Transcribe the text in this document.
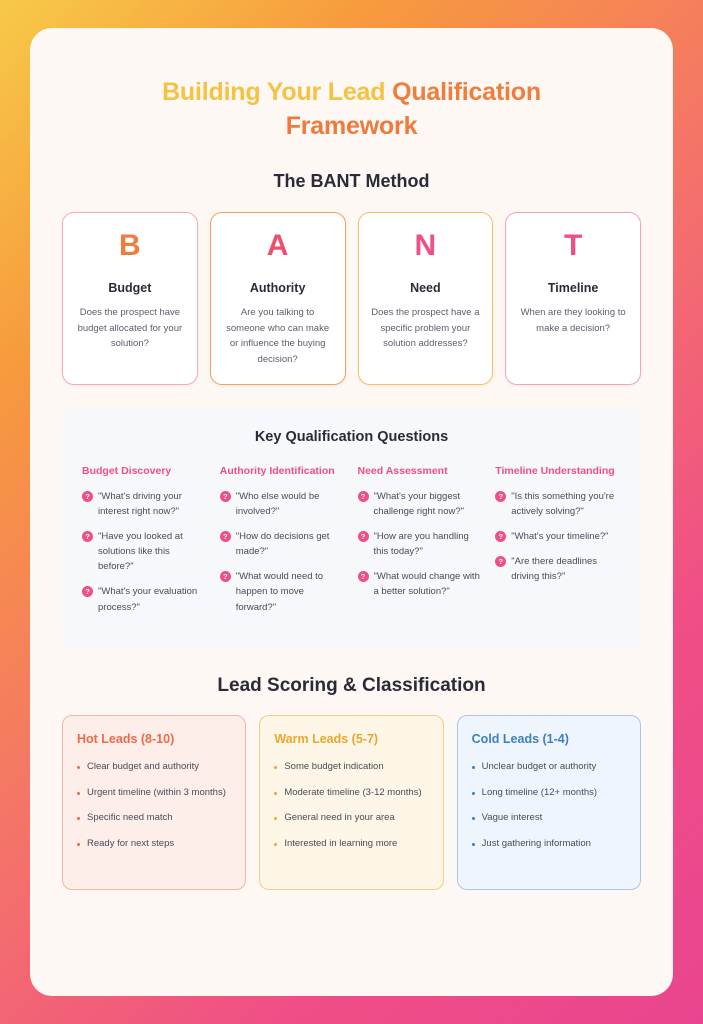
Building Your Lead Qualification
Framework
The BANT Method
B
Budget
Does the prospect have budget allocated for your solution?
A
Authority
Are you talking to someone who can make or influence the buying decision?
N
Need
Does the prospect have a specific problem your solution addresses?
T
Timeline
When are they looking to make a decision?
Key Qualification Questions
Budget Discovery
? "What's driving your interest right now?"
? "Have you looked at solutions like this before?"
? "What's your evaluation process?"
Authority Identification
? "Who else would be involved?"
? "How do decisions get made?"
? "What would need to happen to move forward?"
Need Assessment
? "What's your biggest challenge right now?"
? "How are you handling this today?"
? "What would change with a better solution?"
Timeline Understanding
? "Is this something you're actively solving?"
? "What's your timeline?"
? "Are there deadlines driving this?"
Lead Scoring & Classification
Hot Leads (8-10)
Clear budget and authority
Urgent timeline (within 3 months)
Specific need match
Ready for next steps
Warm Leads (5-7)
Some budget indication
Moderate timeline (3-12 months)
General need in your area
Interested in learning more
Cold Leads (1-4)
Unclear budget or authority
Long timeline (12+ months)
Vague interest
Just gathering information
